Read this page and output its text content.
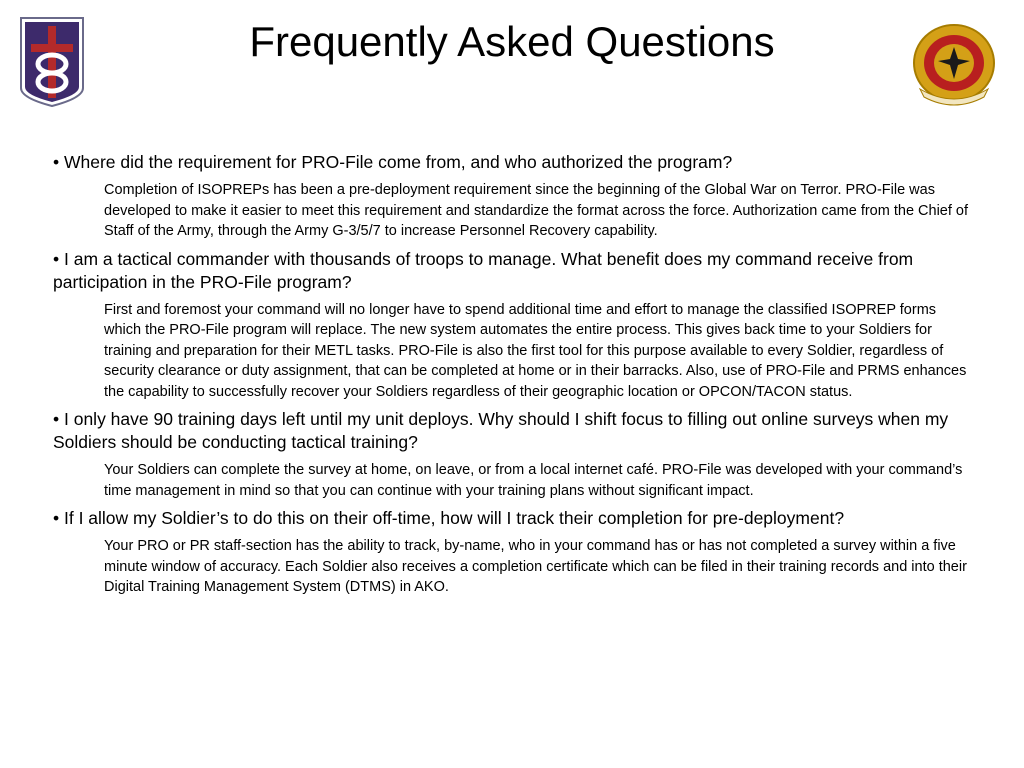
Frequently Asked Questions

• Where did the requirement for PRO-File come from, and who authorized the program?

Completion of ISOPREPs has been a pre-deployment requirement since the beginning of the Global War on Terror. PRO-File was developed to make it easier to meet this requirement and standardize the format across the force. Authorization came from the Chief of Staff of the Army, through the Army G-3/5/7 to increase Personnel Recovery capability.

• I am a tactical commander with thousands of troops to manage. What benefit does my command receive from participation in the PRO-File program?

First and foremost your command will no longer have to spend additional time and effort to manage the classified ISOPREP forms which the PRO-File program will replace. The new system automates the entire process. This gives back time to your Soldiers for training and preparation for their METL tasks. PRO-File is also the first tool for this purpose available to every Soldier, regardless of security clearance or duty assignment, that can be completed at home or in their barracks. Also, use of PRO-File and PRMS enhances the capability to successfully recover your Soldiers regardless of their geographic location or OPCON/TACON status.

• I only have 90 training days left until my unit deploys. Why should I shift focus to filling out online surveys when my Soldiers should be conducting tactical training?

Your Soldiers can complete the survey at home, on leave, or from a local internet café. PRO-File was developed with your command’s time management in mind so that you can continue with your training plans without significant impact.

• If I allow my Soldier’s to do this on their off-time, how will I track their completion for pre-deployment?

Your PRO or PR staff-section has the ability to track, by-name, who in your command has or has not completed a survey within a five minute window of accuracy. Each Soldier also receives a completion certificate which can be filed in their training records and into their Digital Training Management System (DTMS) in AKO.
